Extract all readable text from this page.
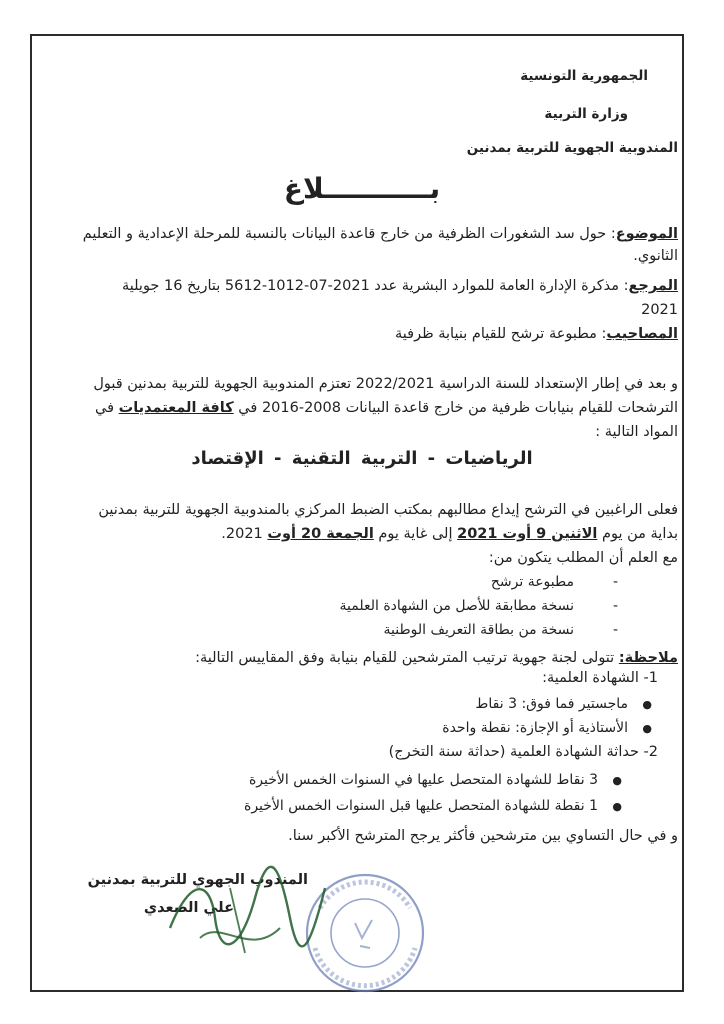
الجمهورية التونسية
وزارة التربية
المندوبية الجهوية للتربية بمدنين
بـــــــــــلاغ
الموضوع: حول سد الشغورات الظرفية من خارج قاعدة البيانات بالنسبة للمرحلة الإعدادية و التعليم
الثانوي.
المرجع: مذكرة الإدارة العامة للموارد البشرية عدد 2021-07-1012-5612 بتاريخ 16 جويلية
2021
المصاحيب: مطبوعة ترشح للقيام بنيابة ظرفية
و بعد في إطار الإستعداد للسنة الدراسية 2022/2021 تعتزم المندوبية الجهوية للتربية بمدنين قبول
الترشحات للقيام بنيابات ظرفية من خارج قاعدة البيانات 2008-2016 في كافة المعتمديات في
المواد التالية :
الرياضيات - التربية التقنية - الإقتصاد
فعلى الراغبين في الترشح إيداع مطالبهم بمكتب الضبط المركزي بالمندوبية الجهوية للتربية بمدنين
بداية من يوم الاثنين 9 أوت 2021 إلى غاية يوم الجمعة 20 أوت 2021.
مع العلم أن المطلب يتكون من:
- مطبوعة ترشح
- نسخة مطابقة للأصل من الشهادة العلمية
- نسخة من بطاقة التعريف الوطنية
ملاحظة: تتولى لجنة جهوية ترتيب المترشحين للقيام بنيابة وفق المقاييس التالية:
1- الشهادة العلمية:
● ماجستير فما فوق: 3 نقاط
● الأستاذية أو الإجازة: نقطة واحدة
2- حداثة الشهادة العلمية (حداثة سنة التخرج)
● 3 نقاط للشهادة المتحصل عليها في السنوات الخمس الأخيرة
● 1 نقطة للشهادة المتحصل عليها قبل السنوات الخمس الأخيرة
و في حال التساوي بين مترشحين فأكثر يرجح المترشح الأكبر سنا.
المندوب الجهوي للتربية بمدنين
علي الصعدي
